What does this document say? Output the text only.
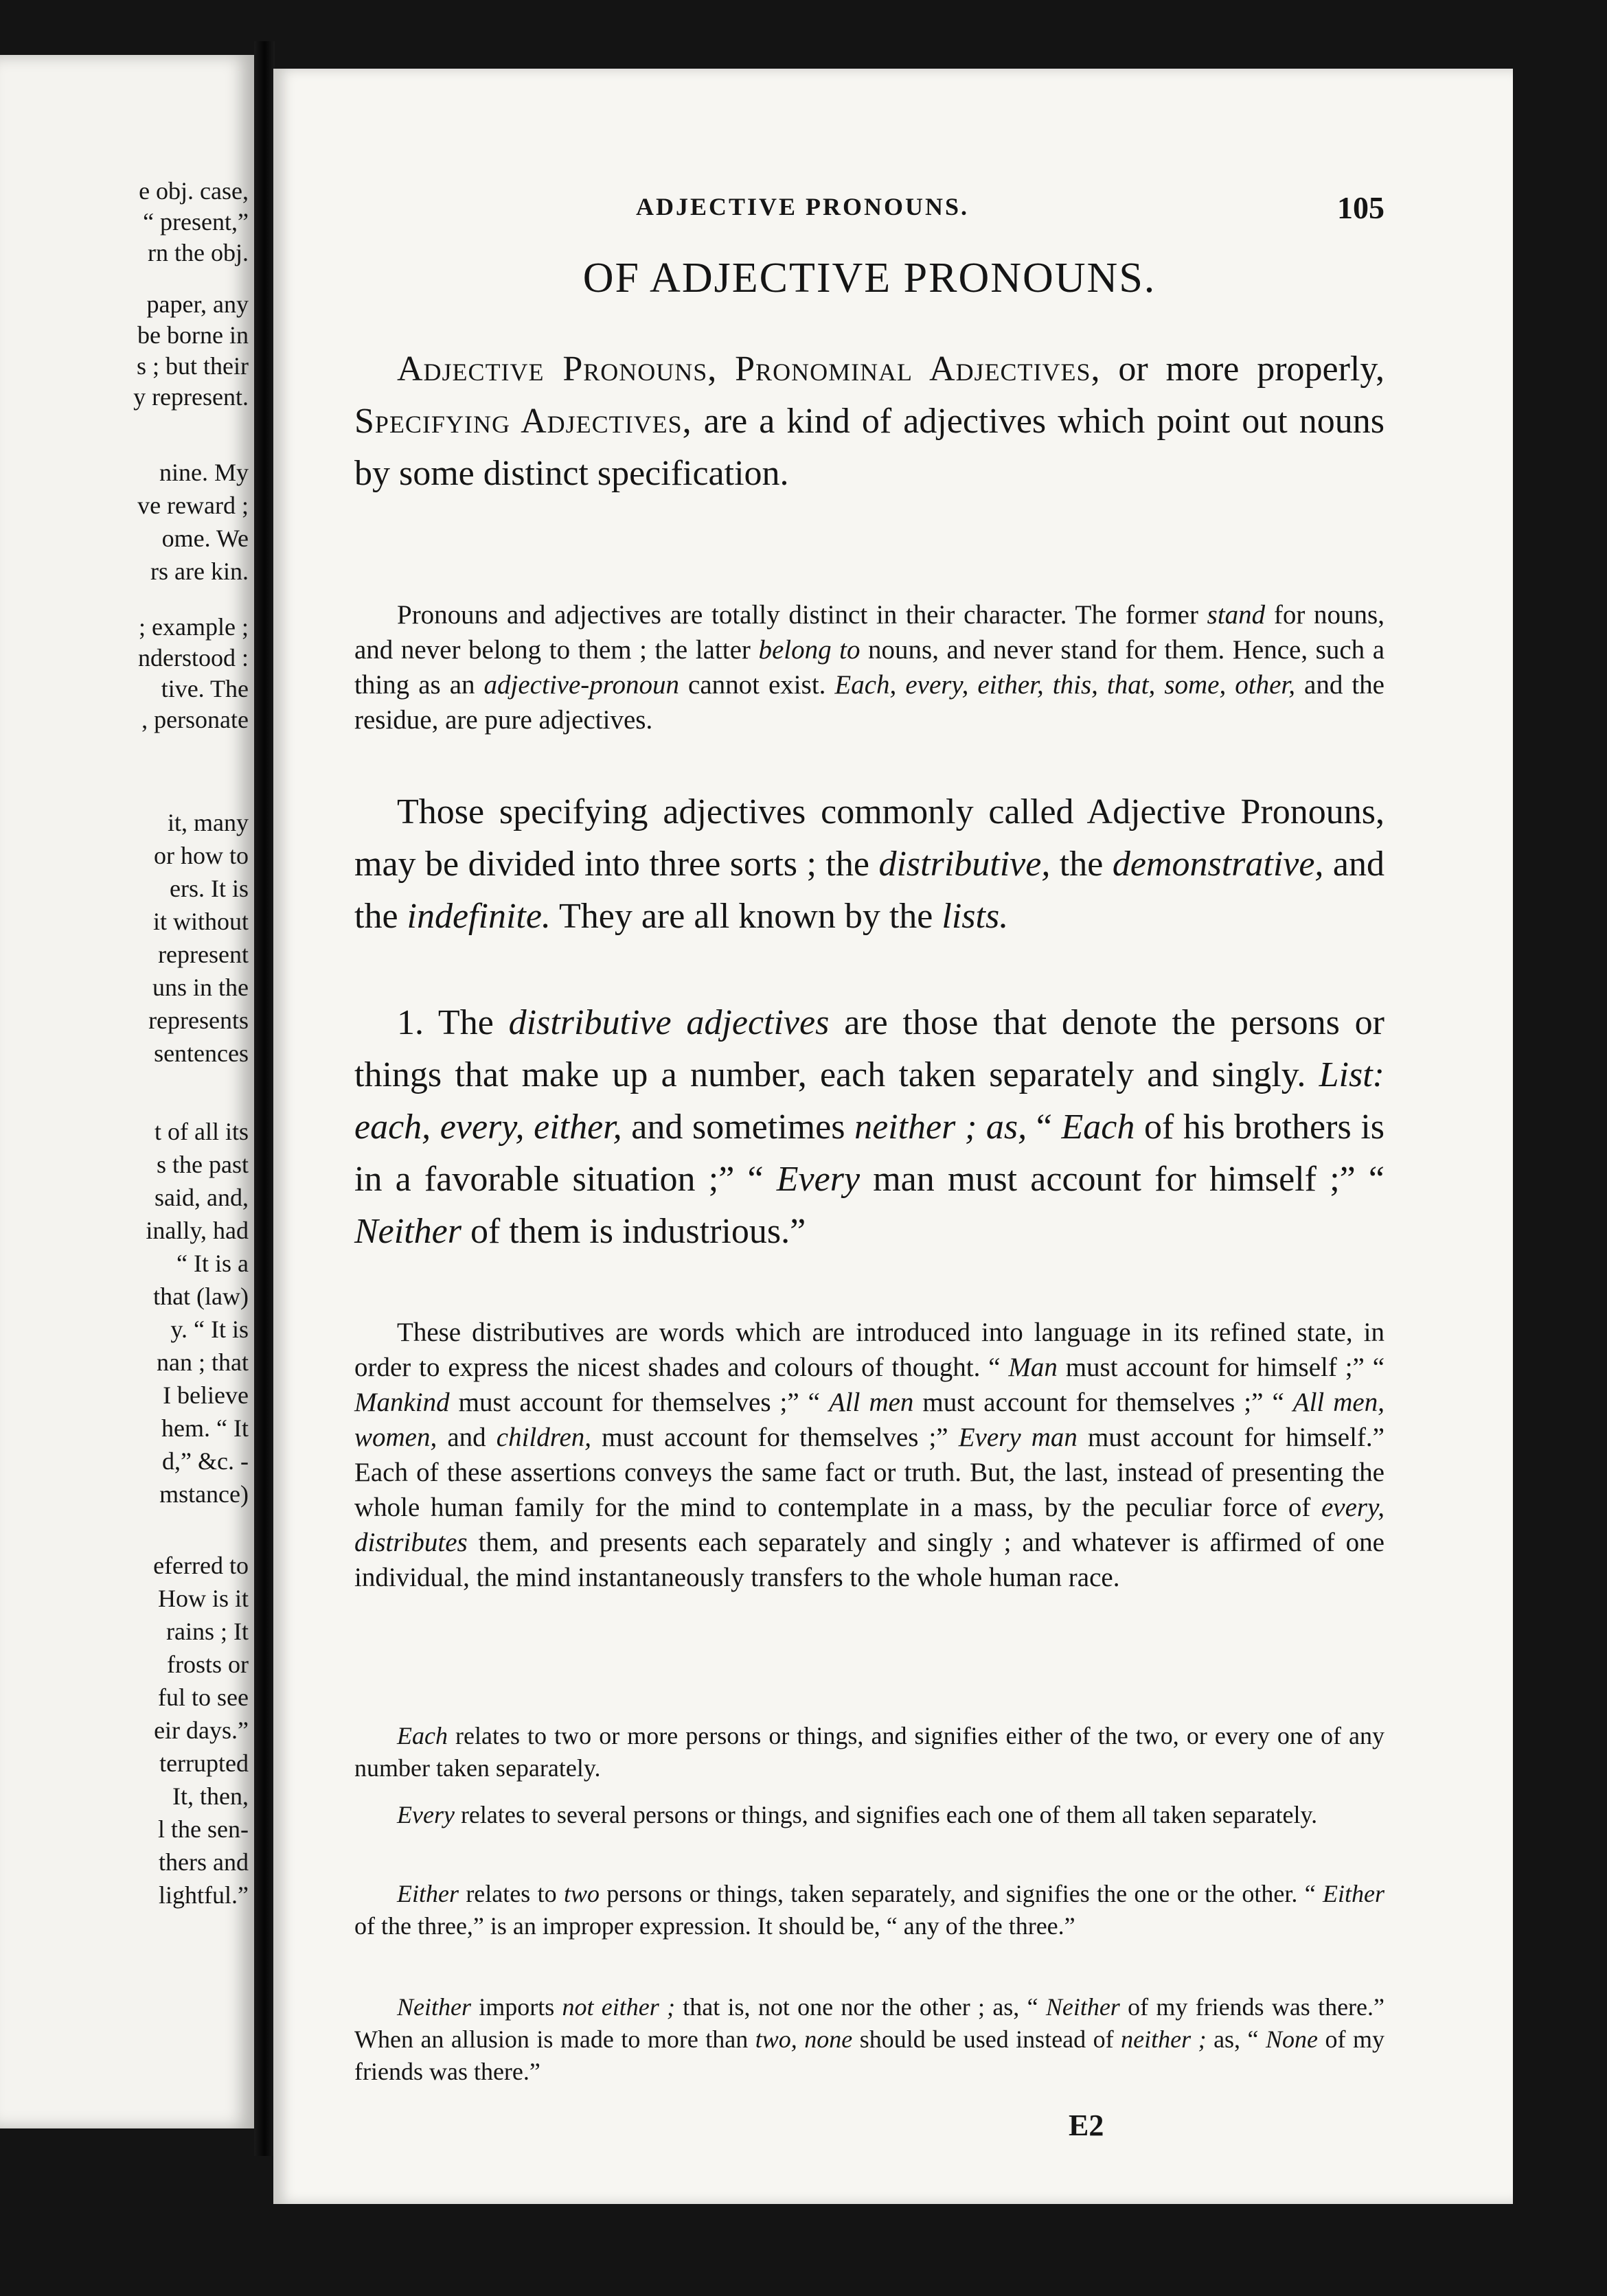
e obj. case,
“ present,”
rn the obj.
paper, any
be borne in
s ; but their
y represent.
nine. My
ve reward ;
ome. We
rs are kin.
; example ;
nderstood :
tive. The
, personate
it, many
or how to
ers. It is
it without
represent
uns in the
represents
sentences
t of all its
s the past
said, and,
inally, had
“ It is a
that (law)
y. “ It is
nan ; that
I believe
hem. “ It
d,” &c. -
mstance)
eferred to
How is it
rains ; It
frosts or
ful to see
eir days.”
terrupted
It, then,
l the sen-
thers and
lightful.”
ADJECTIVE PRONOUNS.	105
OF ADJECTIVE PRONOUNS.

Adjective Pronouns, Pronominal Adjectives, or more properly, Specifying Adjectives, are a kind of adjectives which point out nouns by some distinct specification.

Pronouns and adjectives are totally distinct in their character. The former stand for nouns, and never belong to them ; the latter belong to nouns, and never stand for them. Hence, such a thing as an adjective-pronoun cannot exist. Each, every, either, this, that, some, other, and the residue, are pure adjectives.

Those specifying adjectives commonly called Adjective Pronouns, may be divided into three sorts ; the distributive, the demonstrative, and the indefinite. They are all known by the lists.

1. The distributive adjectives are those that denote the persons or things that make up a number, each taken separately and singly. List: each, every, either, and sometimes neither ; as, “ Each of his brothers is in a favorable situation ;” “ Every man must account for himself ;” “ Neither of them is industrious.”

These distributives are words which are introduced into language in its refined state, in order to express the nicest shades and colours of thought. “ Man must account for himself ;” “ Mankind must account for themselves ;” “ All men must account for themselves ;” “ All men, women, and children, must account for themselves ;” Every man must account for himself.” Each of these assertions conveys the same fact or truth. But, the last, instead of presenting the whole human family for the mind to contemplate in a mass, by the peculiar force of every, distributes them, and presents each separately and singly ; and whatever is affirmed of one individual, the mind instantaneously transfers to the whole human race.

Each relates to two or more persons or things, and signifies either of the two, or every one of any number taken separately.

Every relates to several persons or things, and signifies each one of them all taken separately.

Either relates to two persons or things, taken separately, and signifies the one or the other. “ Either of the three,” is an improper expression. It should be, “ any of the three.”

Neither imports not either ; that is, not one nor the other ; as, “ Neither of my friends was there.” When an allusion is made to more than two, none should be used instead of neither ; as, “ None of my friends was there.”

E2
